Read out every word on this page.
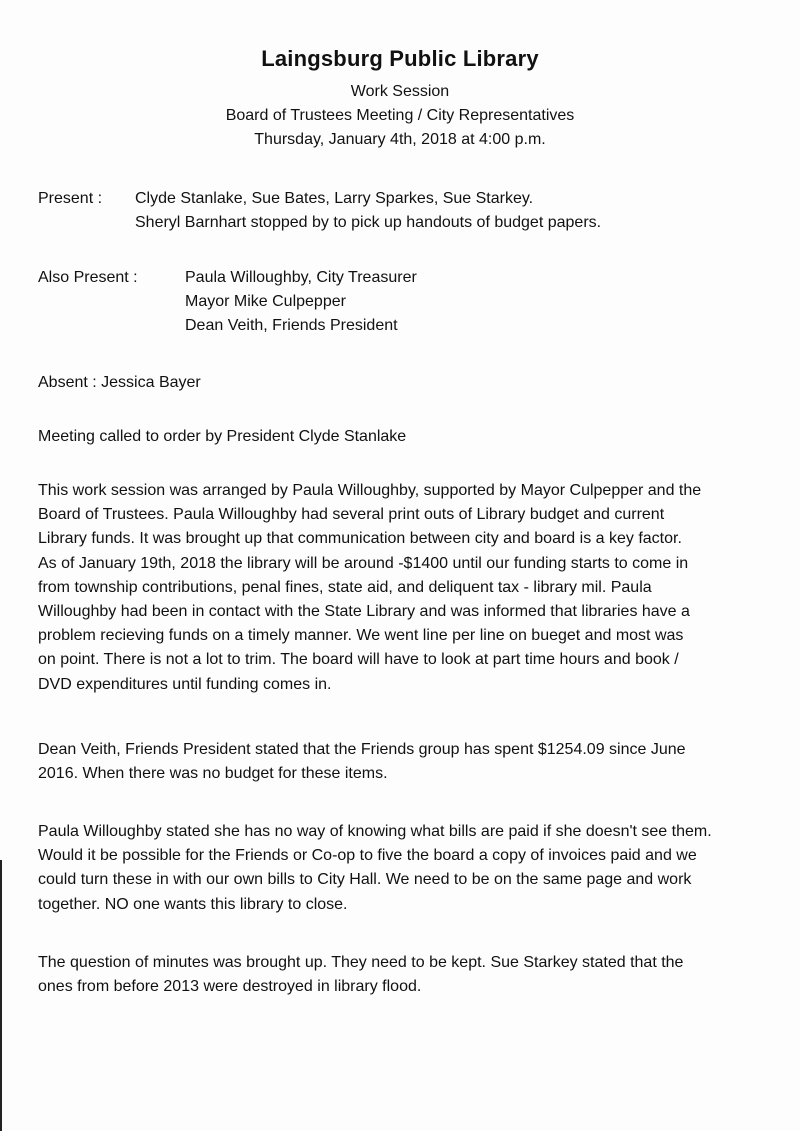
Laingsburg Public Library
Work Session
Board of Trustees Meeting / City Representatives
Thursday, January 4th, 2018 at 4:00 p.m.
Present :	Clyde Stanlake, Sue Bates, Larry Sparkes, Sue Starkey.
Sheryl Barnhart stopped by to pick up handouts of budget papers.
Also Present :	Paula Willoughby, City Treasurer
Mayor Mike Culpepper
Dean Veith, Friends President
Absent : Jessica Bayer
Meeting called to order by President Clyde Stanlake
This work session was arranged by Paula Willoughby, supported by Mayor Culpepper and the
Board of Trustees. Paula Willoughby had several print outs of Library budget and current
Library funds. It was brought up that communication between city and board is a key factor.
As of January 19th, 2018 the library will be around -$1400 until our funding starts to come in
from township contributions, penal fines, state aid, and deliquent tax - library mil. Paula
Willoughby had been in contact with the State Library and was informed that libraries have a
problem recieving funds on a timely manner. We went line per line on bueget and most was
on point. There is not a lot to trim. The board will have to look at part time hours and book /
DVD expenditures until funding comes in.
Dean Veith, Friends President stated that the Friends group has spent $1254.09 since June
2016. When there was no budget for these items.
Paula Willoughby stated she has no way of knowing what bills are paid if she doesn't see them.
Would it be possible for the Friends or Co-op to five the board a copy of invoices paid and we
could turn these in with our own bills to City Hall. We need to be on the same page and work
together. NO one wants this library to close.
The question of minutes was brought up. They need to be kept. Sue Starkey stated that the
ones from before 2013 were destroyed in library flood.
